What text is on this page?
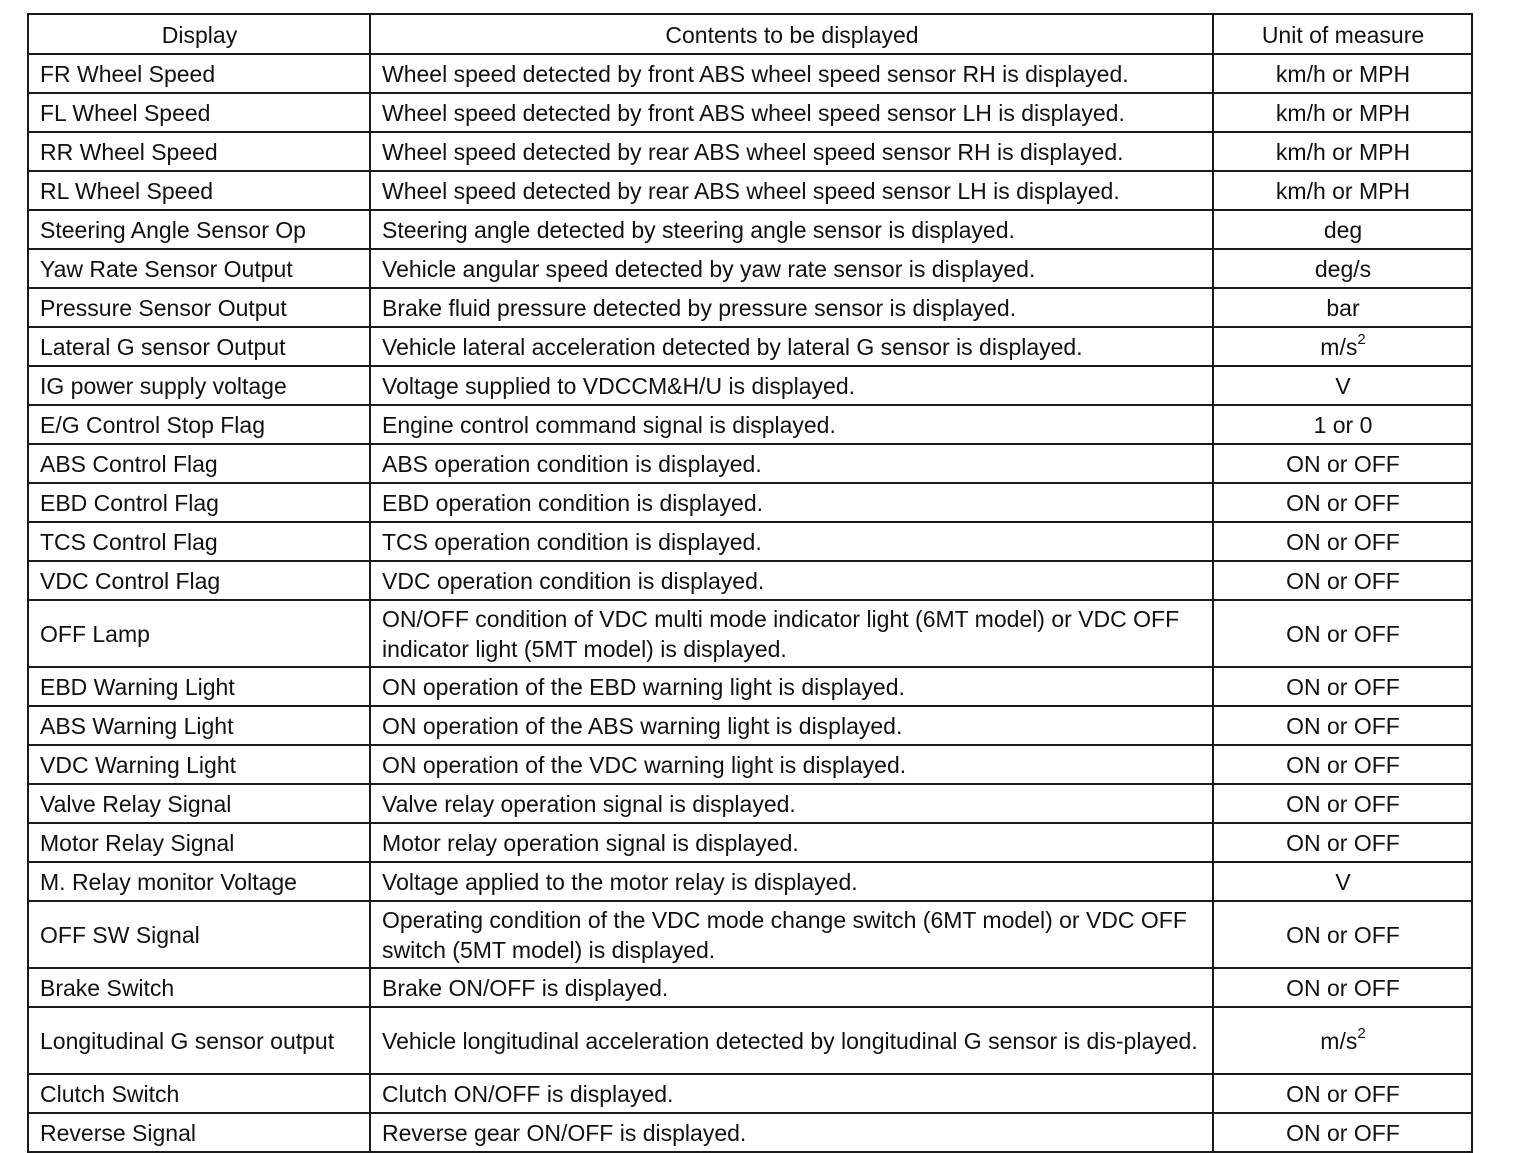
Display	Contents to be displayed	Unit of measure
FR Wheel Speed	Wheel speed detected by front ABS wheel speed sensor RH is displayed.	km/h or MPH
FL Wheel Speed	Wheel speed detected by front ABS wheel speed sensor LH is displayed.	km/h or MPH
RR Wheel Speed	Wheel speed detected by rear ABS wheel speed sensor RH is displayed.	km/h or MPH
RL Wheel Speed	Wheel speed detected by rear ABS wheel speed sensor LH is displayed.	km/h or MPH
Steering Angle Sensor Op	Steering angle detected by steering angle sensor is displayed.	deg
Yaw Rate Sensor Output	Vehicle angular speed detected by yaw rate sensor is displayed.	deg/s
Pressure Sensor Output	Brake fluid pressure detected by pressure sensor is displayed.	bar
Lateral G sensor Output	Vehicle lateral acceleration detected by lateral G sensor is displayed.	$m/s^2$
IG power supply voltage	Voltage supplied to VDCCM&H/U is displayed.	V
E/G Control Stop Flag	Engine control command signal is displayed.	1 or 0
ABS Control Flag	ABS operation condition is displayed.	ON or OFF
EBD Control Flag	EBD operation condition is displayed.	ON or OFF
TCS Control Flag	TCS operation condition is displayed.	ON or OFF
VDC Control Flag	VDC operation condition is displayed.	ON or OFF
OFF Lamp	ON/OFF condition of VDC multi mode indicator light (6MT model) or VDC OFF indicator light (5MT model) is displayed.	ON or OFF
EBD Warning Light	ON operation of the EBD warning light is displayed.	ON or OFF
ABS Warning Light	ON operation of the ABS warning light is displayed.	ON or OFF
VDC Warning Light	ON operation of the VDC warning light is displayed.	ON or OFF
Valve Relay Signal	Valve relay operation signal is displayed.	ON or OFF
Motor Relay Signal	Motor relay operation signal is displayed.	ON or OFF
M. Relay monitor Voltage	Voltage applied to the motor relay is displayed.	V
OFF SW Signal	Operating condition of the VDC mode change switch (6MT model) or VDC OFF switch (5MT model) is displayed.	ON or OFF
Brake Switch	Brake ON/OFF is displayed.	ON or OFF
Longitudinal G sensor output	Vehicle longitudinal acceleration detected by longitudinal G sensor is dis-played.	$m/s^2$
Clutch Switch	Clutch ON/OFF is displayed.	ON or OFF
Reverse Signal	Reverse gear ON/OFF is displayed.	ON or OFF
